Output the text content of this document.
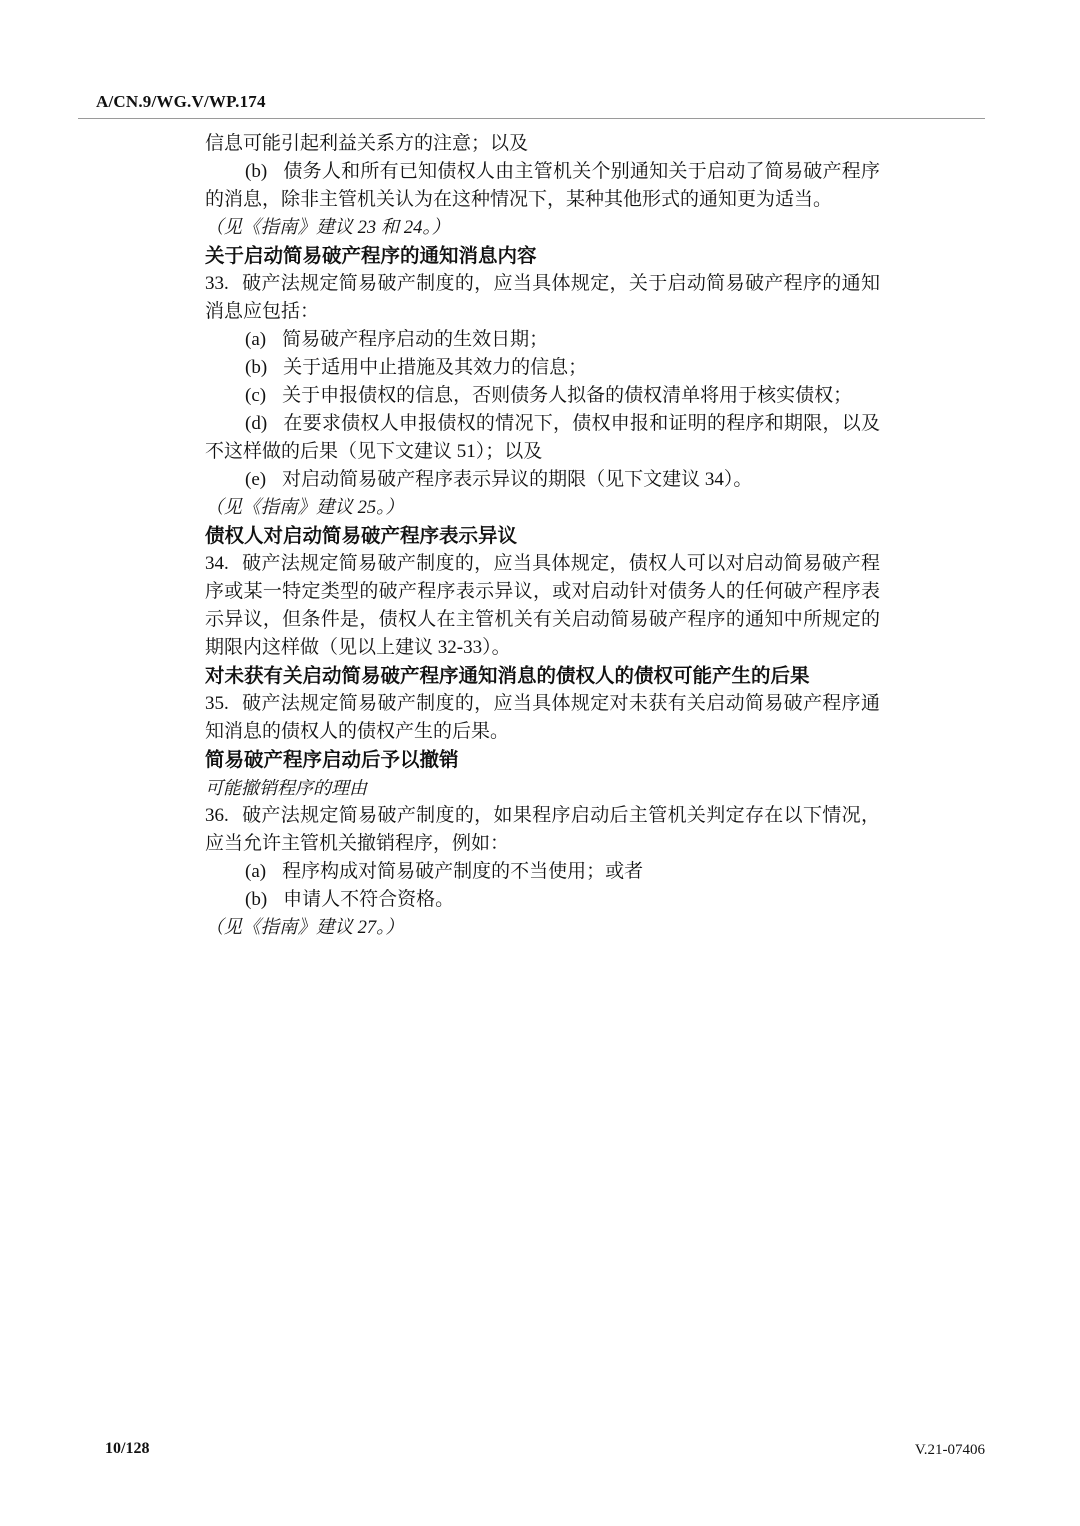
A/CN.9/WG.V/WP.174

信息可能引起利益关系方的注意；以及

(b) 债务人和所有已知债权人由主管机关个别通知关于启动了简易破产程序的消息，除非主管机关认为在这种情况下，某种其他形式的通知更为适当。

（见《指南》建议 23 和 24。）

关于启动简易破产程序的通知消息内容

33. 破产法规定简易破产制度的，应当具体规定，关于启动简易破产程序的通知消息应包括：

(a) 简易破产程序启动的生效日期；

(b) 关于适用中止措施及其效力的信息；

(c) 关于申报债权的信息，否则债务人拟备的债权清单将用于核实债权；

(d) 在要求债权人申报债权的情况下，债权申报和证明的程序和期限，以及不这样做的后果（见下文建议 51）；以及

(e) 对启动简易破产程序表示异议的期限（见下文建议 34）。

（见《指南》建议 25。）

债权人对启动简易破产程序表示异议

34. 破产法规定简易破产制度的，应当具体规定，债权人可以对启动简易破产程序或某一特定类型的破产程序表示异议，或对启动针对债务人的任何破产程序表示异议，但条件是，债权人在主管机关有关启动简易破产程序的通知中所规定的期限内这样做（见以上建议 32-33）。

对未获有关启动简易破产程序通知消息的债权人的债权可能产生的后果

35. 破产法规定简易破产制度的，应当具体规定对未获有关启动简易破产程序通知消息的债权人的债权产生的后果。

简易破产程序启动后予以撤销

可能撤销程序的理由

36. 破产法规定简易破产制度的，如果程序启动后主管机关判定存在以下情况，应当允许主管机关撤销程序，例如：

(a) 程序构成对简易破产制度的不当使用；或者

(b) 申请人不符合资格。

（见《指南》建议 27。）

10/128	V.21-07406
